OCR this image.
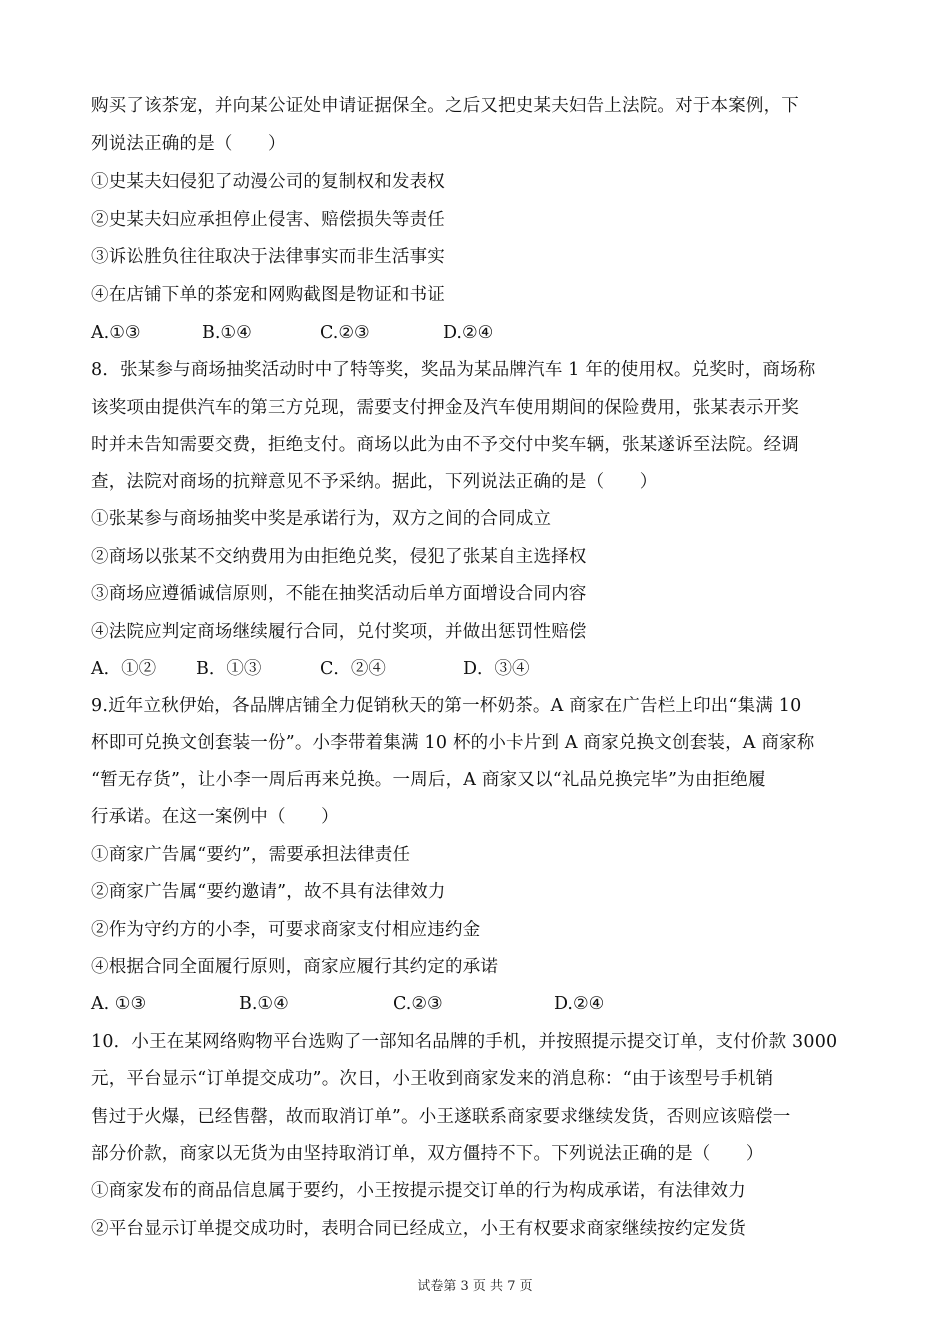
购买了该茶宠，并向某公证处申请证据保全。之后又把史某夫妇告上法院。对于本案例，下
列说法正确的是（　　）
①史某夫妇侵犯了动漫公司的复制权和发表权
②史某夫妇应承担停止侵害、赔偿损失等责任
③诉讼胜负往往取决于法律事实而非生活事实
④在店铺下单的茶宠和网购截图是物证和书证
A.①③	B.①④	C.②③	D.②④
8．张某参与商场抽奖活动时中了特等奖，奖品为某品牌汽车 1 年的使用权。兑奖时，商场称
该奖项由提供汽车的第三方兑现，需要支付押金及汽车使用期间的保险费用，张某表示开奖
时并未告知需要交费，拒绝支付。商场以此为由不予交付中奖车辆，张某遂诉至法院。经调
查，法院对商场的抗辩意见不予采纳。据此，下列说法正确的是（　　）
①张某参与商场抽奖中奖是承诺行为，双方之间的合同成立
②商场以张某不交纳费用为由拒绝兑奖，侵犯了张某自主选择权
③商场应遵循诚信原则，不能在抽奖活动后单方面增设合同内容
④法院应判定商场继续履行合同，兑付奖项，并做出惩罚性赔偿
A．①② B．①③	C．②④	D．③④
9.近年立秋伊始，各品牌店铺全力促销秋天的第一杯奶茶。A 商家在广告栏上印出“集满 10
杯即可兑换文创套装一份”。小李带着集满 10 杯的小卡片到 A 商家兑换文创套装，A 商家称
“暂无存货”，让小李一周后再来兑换。一周后，A 商家又以“礼品兑换完毕”为由拒绝履
行承诺。在这一案例中（　　）
①商家广告属“要约”，需要承担法律责任
②商家广告属“要约邀请”，故不具有法律效力
②作为守约方的小李，可要求商家支付相应违约金
④根据合同全面履行原则，商家应履行其约定的承诺
A. ①③	B.①④	C.②③	D.②④
10．小王在某网络购物平台选购了一部知名品牌的手机，并按照提示提交订单，支付价款 3000
元，平台显示“订单提交成功”。次日，小王收到商家发来的消息称：“由于该型号手机销
售过于火爆，已经售罄，故而取消订单”。小王遂联系商家要求继续发货，否则应该赔偿一
部分价款，商家以无货为由坚持取消订单，双方僵持不下。下列说法正确的是（　　）
①商家发布的商品信息属于要约，小王按提示提交订单的行为构成承诺，有法律效力
②平台显示订单提交成功时，表明合同已经成立，小王有权要求商家继续按约定发货
试卷第 3 页 共 7 页
